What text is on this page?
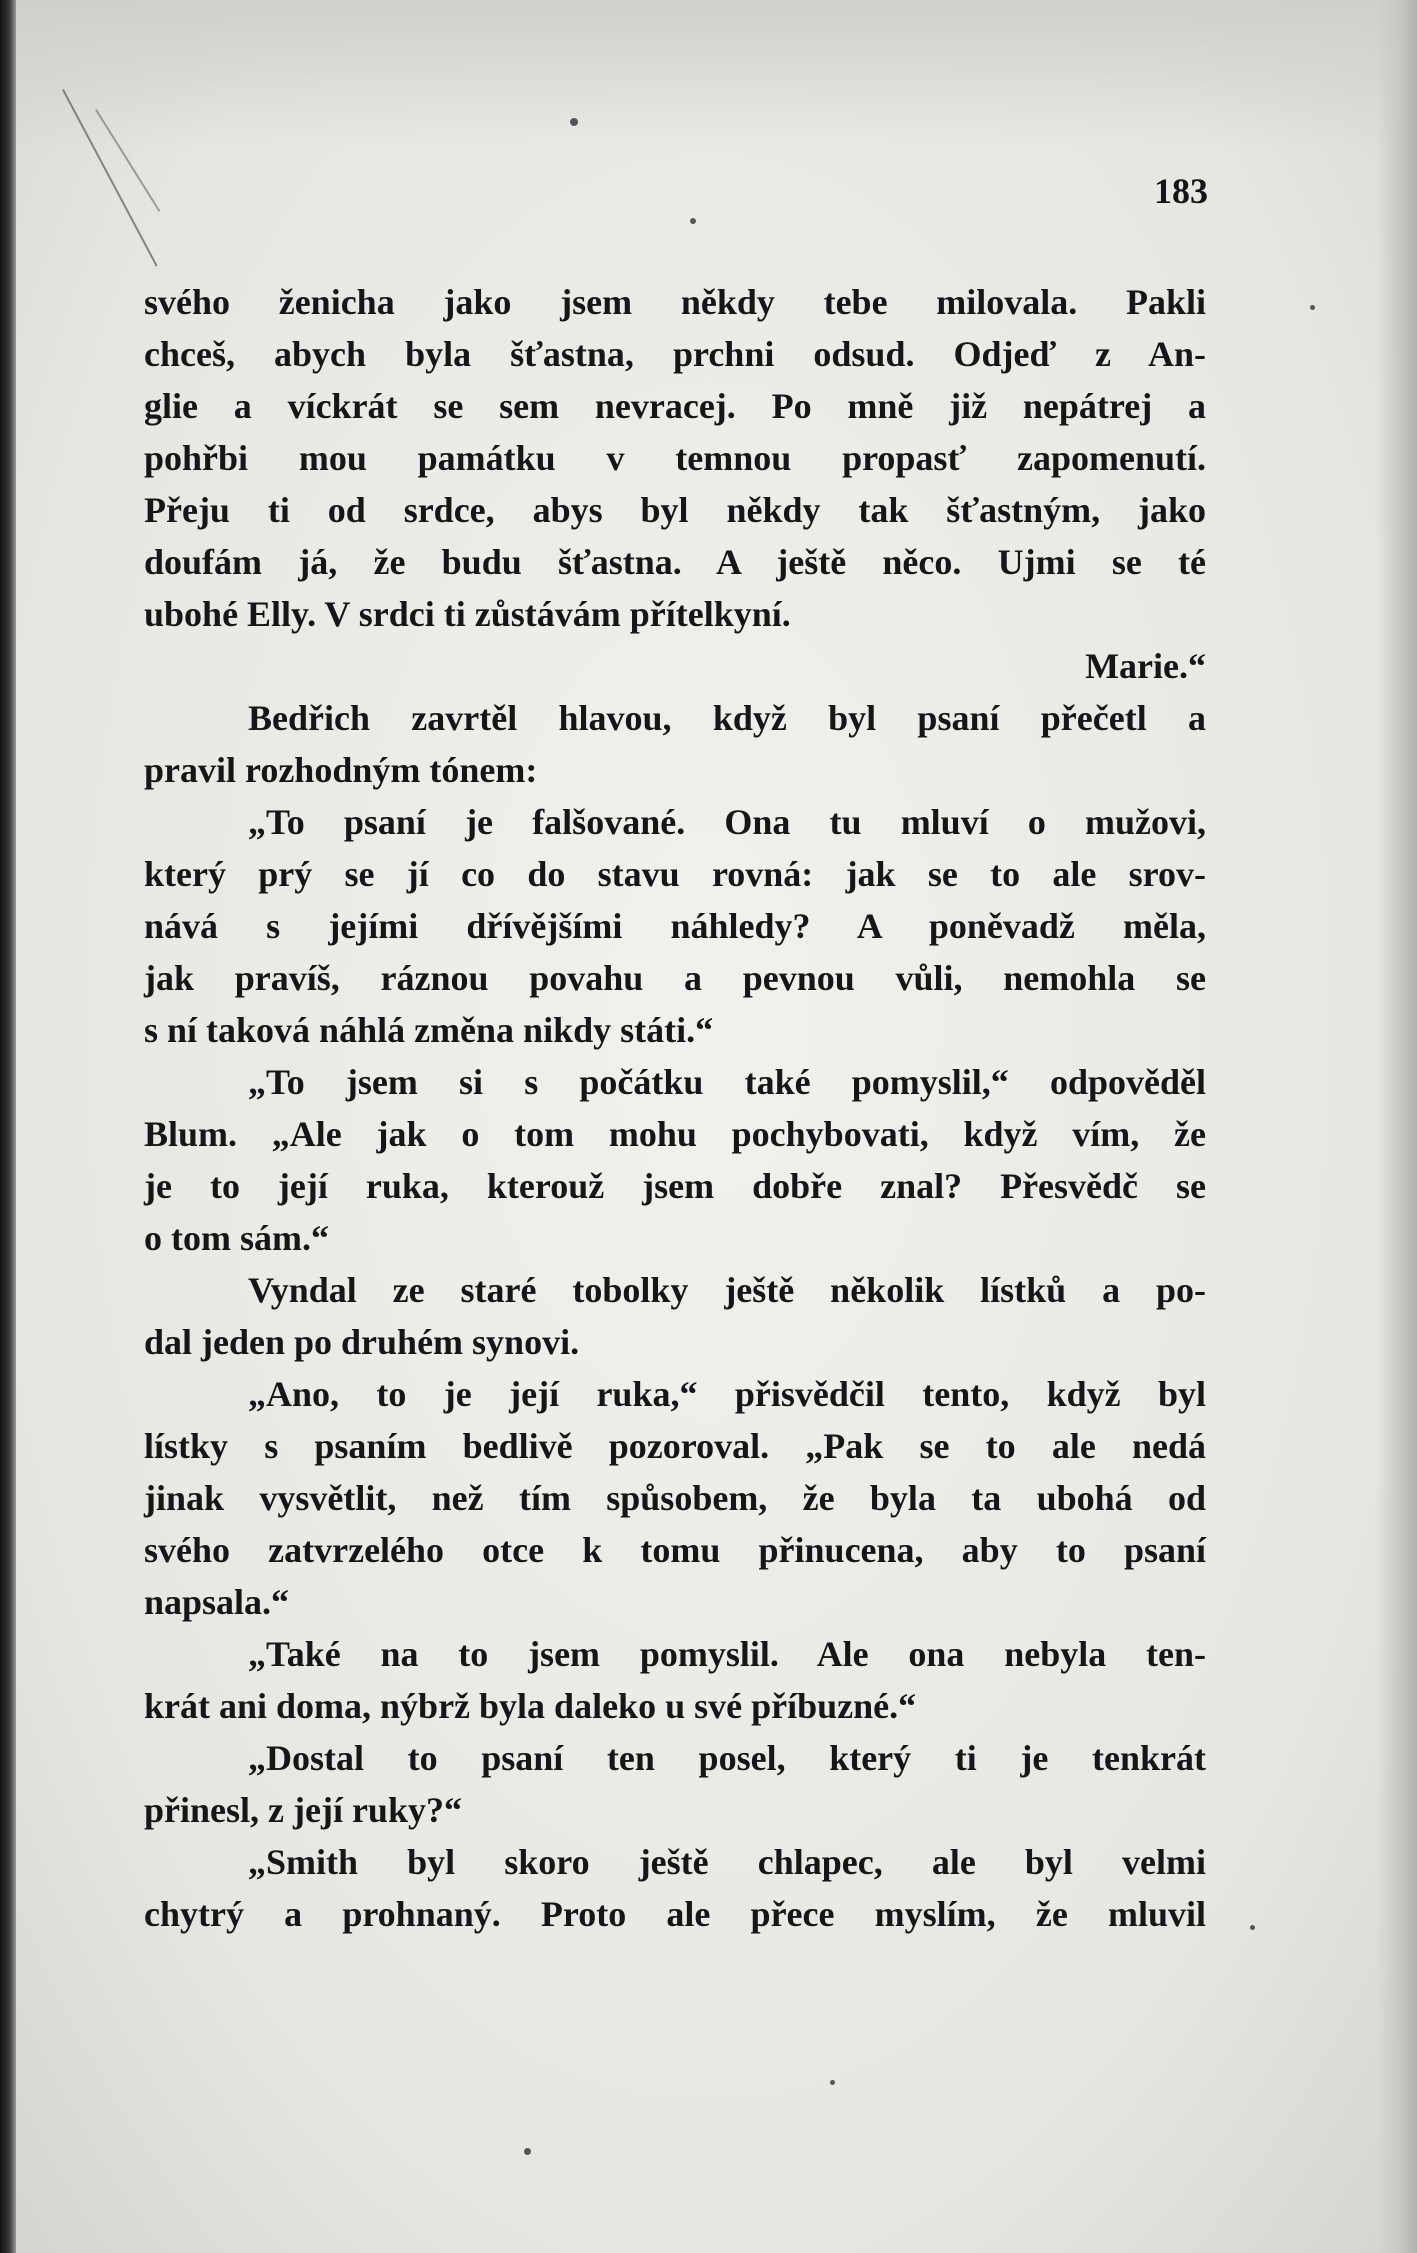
183
svého ženicha jako jsem někdy tebe milovala. Pakli
chceš, abych byla šťastna, prchni odsud. Odjeď z An-
glie a víckrát se sem nevracej. Po mně již nepátrej a
pohřbi mou památku v temnou propasť zapomenutí.
Přeju ti od srdce, abys byl někdy tak šťastným, jako
doufám já, že budu šťastna. A ještě něco. Ujmi se té
ubohé Elly. V srdci ti zůstávám přítelkyní.
Marie.“
Bedřich zavrtěl hlavou, když byl psaní přečetl a
pravil rozhodným tónem:
„To psaní je falšované. Ona tu mluví o mužovi,
který prý se jí co do stavu rovná: jak se to ale srov-
nává s jejími dřívějšími náhledy? A poněvadž měla,
jak pravíš, ráznou povahu a pevnou vůli, nemohla se
s ní taková náhlá změna nikdy státi.“
„To jsem si s počátku také pomyslil,“ odpověděl
Blum. „Ale jak o tom mohu pochybovati, když vím, že
je to její ruka, kterouž jsem dobře znal? Přesvědč se
o tom sám.“
Vyndal ze staré tobolky ještě několik lístků a po-
dal jeden po druhém synovi.
„Ano, to je její ruka,“ přisvědčil tento, když byl
lístky s psaním bedlivě pozoroval. „Pak se to ale nedá
jinak vysvětlit, než tím spůsobem, že byla ta ubohá od
svého zatvrzelého otce k tomu přinucena, aby to psaní
napsala.“
„Také na to jsem pomyslil. Ale ona nebyla ten-
krát ani doma, nýbrž byla daleko u své příbuzné.“
„Dostal to psaní ten posel, který ti je tenkrát
přinesl, z její ruky?“
„Smith byl skoro ještě chlapec, ale byl velmi
chytrý a prohnaný. Proto ale přece myslím, že mluvil
